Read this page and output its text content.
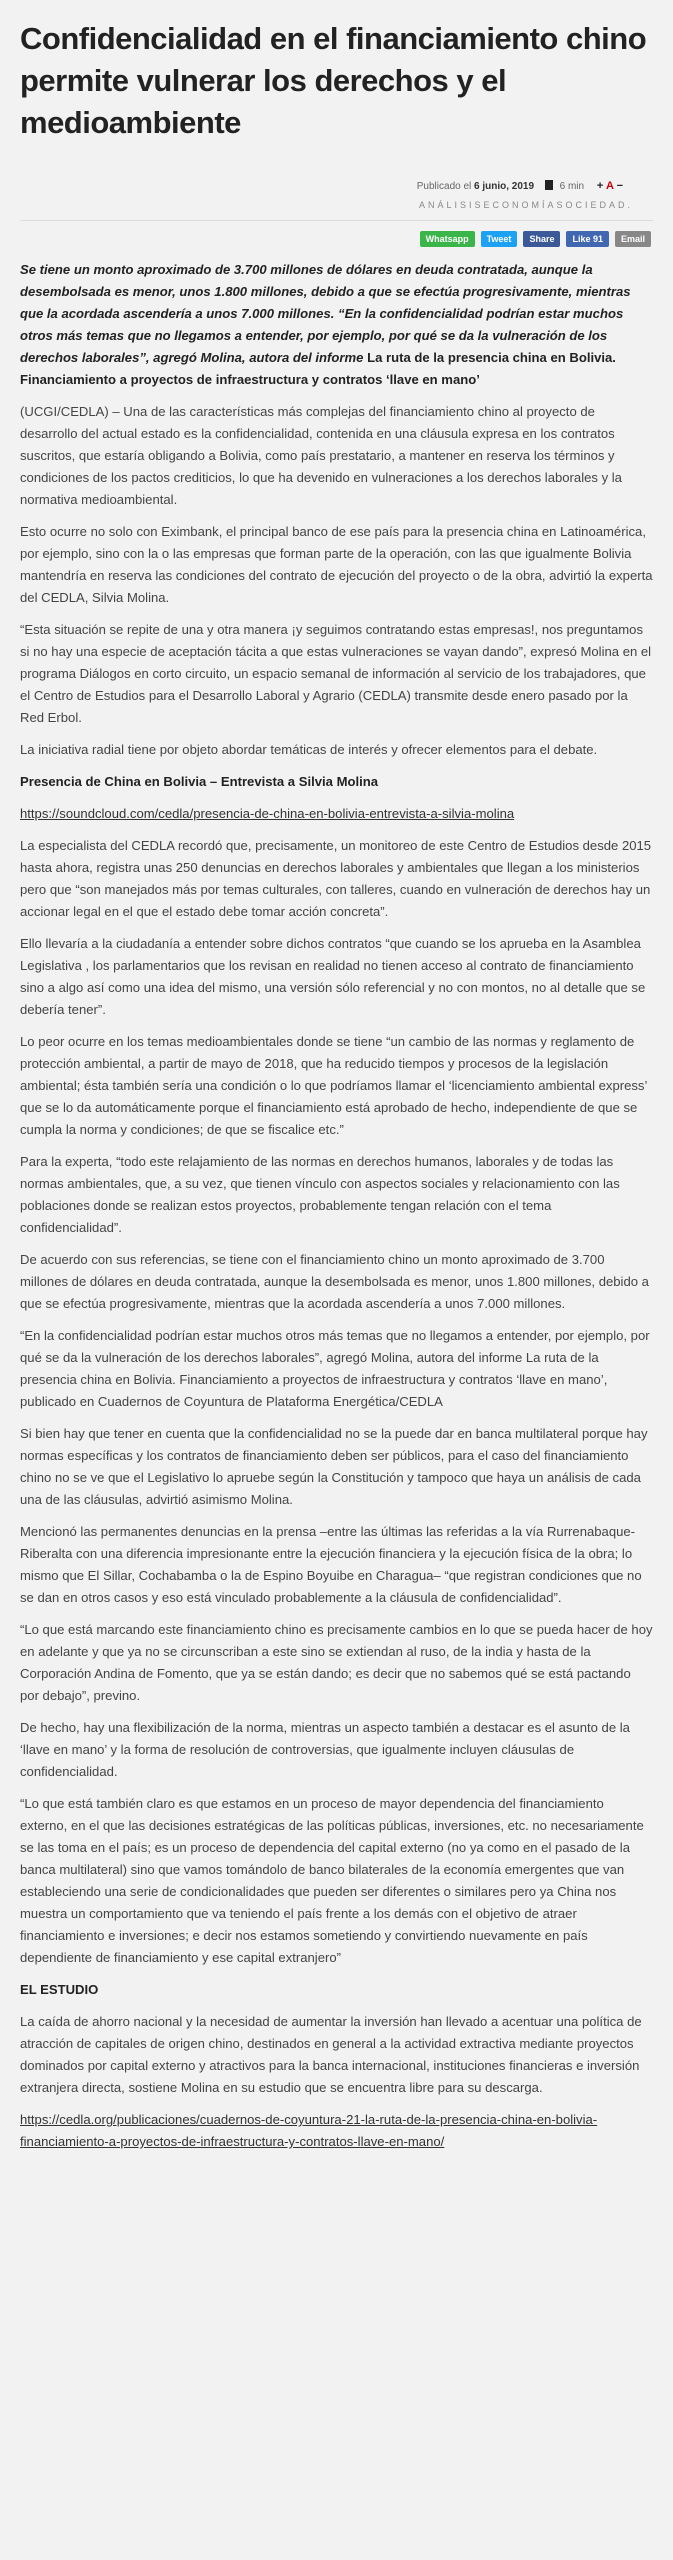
Confidencialidad en el financiamiento chino permite vulnerar los derechos y el medioambiente
Publicado el 6 junio, 2019	6 min + A −
ANÁLISISECONOMÍASOCIEDAD.
Whatsapp Tweet Share Like 91 Email

Se tiene un monto aproximado de 3.700 millones de dólares en deuda contratada, aunque la desembolsada es menor, unos 1.800 millones, debido a que se efectúa progresivamente, mientras que la acordada ascendería a unos 7.000 millones. “En la confidencialidad podrían estar muchos otros más temas que no llegamos a entender, por ejemplo, por qué se da la vulneración de los derechos laborales”, agregó Molina, autora del informe La ruta de la presencia china en Bolivia. Financiamiento a proyectos de infraestructura y contratos ‘llave en mano’

(UCGI/CEDLA) – Una de las características más complejas del financiamiento chino al proyecto de desarrollo del actual estado es la confidencialidad, contenida en una cláusula expresa en los contratos suscritos, que estaría obligando a Bolivia, como país prestatario, a mantener en reserva los términos y condiciones de los pactos crediticios, lo que ha devenido en vulneraciones a los derechos laborales y la normativa medioambiental.

Esto ocurre no solo con Eximbank, el principal banco de ese país para la presencia china en Latinoamérica, por ejemplo, sino con la o las empresas que forman parte de la operación, con las que igualmente Bolivia mantendría en reserva las condiciones del contrato de ejecución del proyecto o de la obra, advirtió la experta del CEDLA, Silvia Molina.

“Esta situación se repite de una y otra manera ¡y seguimos contratando estas empresas!, nos preguntamos si no hay una especie de aceptación tácita a que estas vulneraciones se vayan dando”, expresó Molina en el programa Diálogos en corto circuito, un espacio semanal de información al servicio de los trabajadores, que el Centro de Estudios para el Desarrollo Laboral y Agrario (CEDLA) transmite desde enero pasado por la Red Erbol.

La iniciativa radial tiene por objeto abordar temáticas de interés y ofrecer elementos para el debate.

Presencia de China en Bolivia – Entrevista a Silvia Molina

https://soundcloud.com/cedla/presencia-de-china-en-bolivia-entrevista-a-silvia-molina

La especialista del CEDLA recordó que, precisamente, un monitoreo de este Centro de Estudios desde 2015 hasta ahora, registra unas 250 denuncias en derechos laborales y ambientales que llegan a los ministerios pero que “son manejados más por temas culturales, con talleres, cuando en vulneración de derechos hay un accionar legal en el que el estado debe tomar acción concreta”.

Ello llevaría a la ciudadanía a entender sobre dichos contratos “que cuando se los aprueba en la Asamblea Legislativa , los parlamentarios que los revisan en realidad no tienen acceso al contrato de financiamiento sino a algo así como una idea del mismo, una versión sólo referencial y no con montos, no al detalle que se debería tener”.

Lo peor ocurre en los temas medioambientales donde se tiene “un cambio de las normas y reglamento de protección ambiental, a partir de mayo de 2018, que ha reducido tiempos y procesos de la legislación ambiental; ésta también sería una condición o lo que podríamos llamar el ‘licenciamiento ambiental express’ que se lo da automáticamente porque el financiamiento está aprobado de hecho, independiente de que se cumpla la norma y condiciones; de que se fiscalice etc.”

Para la experta, “todo este relajamiento de las normas en derechos humanos, laborales y de todas las normas ambientales, que, a su vez, que tienen vínculo con aspectos sociales y relacionamiento con las poblaciones donde se realizan estos proyectos, probablemente tengan relación con el tema confidencialidad”.

De acuerdo con sus referencias, se tiene con el financiamiento chino un monto aproximado de 3.700 millones de dólares en deuda contratada, aunque la desembolsada es menor, unos 1.800 millones, debido a que se efectúa progresivamente, mientras que la acordada ascendería a unos 7.000 millones.

“En la confidencialidad podrían estar muchos otros más temas que no llegamos a entender, por ejemplo, por qué se da la vulneración de los derechos laborales”, agregó Molina, autora del informe La ruta de la presencia china en Bolivia. Financiamiento a proyectos de infraestructura y contratos ‘llave en mano’, publicado en Cuadernos de Coyuntura de Plataforma Energética/CEDLA

Si bien hay que tener en cuenta que la confidencialidad no se la puede dar en banca multilateral porque hay normas específicas y los contratos de financiamiento deben ser públicos, para el caso del financiamiento chino no se ve que el Legislativo lo apruebe según la Constitución y tampoco que haya un análisis de cada una de las cláusulas, advirtió asimismo Molina.

Mencionó las permanentes denuncias en la prensa –entre las últimas las referidas a la vía Rurrenabaque-Riberalta con una diferencia impresionante entre la ejecución financiera y la ejecución física de la obra; lo mismo que El Sillar, Cochabamba o la de Espino Boyuibe en Charagua– “que registran condiciones que no se dan en otros casos y eso está vinculado probablemente a la cláusula de confidencialidad”.

“Lo que está marcando este financiamiento chino es precisamente cambios en lo que se pueda hacer de hoy en adelante y que ya no se circunscriban a este sino se extiendan al ruso, de la india y hasta de la Corporación Andina de Fomento, que ya se están dando; es decir que no sabemos qué se está pactando por debajo”, previno.

De hecho, hay una flexibilización de la norma, mientras un aspecto también a destacar es el asunto de la ‘llave en mano’ y la forma de resolución de controversias, que igualmente incluyen cláusulas de confidencialidad.

“Lo que está también claro es que estamos en un proceso de mayor dependencia del financiamiento externo, en el que las decisiones estratégicas de las políticas públicas, inversiones, etc. no necesariamente se las toma en el país; es un proceso de dependencia del capital externo (no ya como en el pasado de la banca multilateral) sino que vamos tomándolo de banco bilaterales de la economía emergentes que van estableciendo una serie de condicionalidades que pueden ser diferentes o similares pero ya China nos muestra un comportamiento que va teniendo el país frente a los demás con el objetivo de atraer financiamiento e inversiones; e decir nos estamos sometiendo y convirtiendo nuevamente en país dependiente de financiamiento y ese capital extranjero”

EL ESTUDIO

La caída de ahorro nacional y la necesidad de aumentar la inversión han llevado a acentuar una política de atracción de capitales de origen chino, destinados en general a la actividad extractiva mediante proyectos dominados por capital externo y atractivos para la banca internacional, instituciones financieras e inversión extranjera directa, sostiene Molina en su estudio que se encuentra libre para su descarga.

https://cedla.org/publicaciones/cuadernos-de-coyuntura-21-la-ruta-de-la-presencia-china-en-bolivia-financiamiento-a-proyectos-de-infraestructura-y-contratos-llave-en-mano/
